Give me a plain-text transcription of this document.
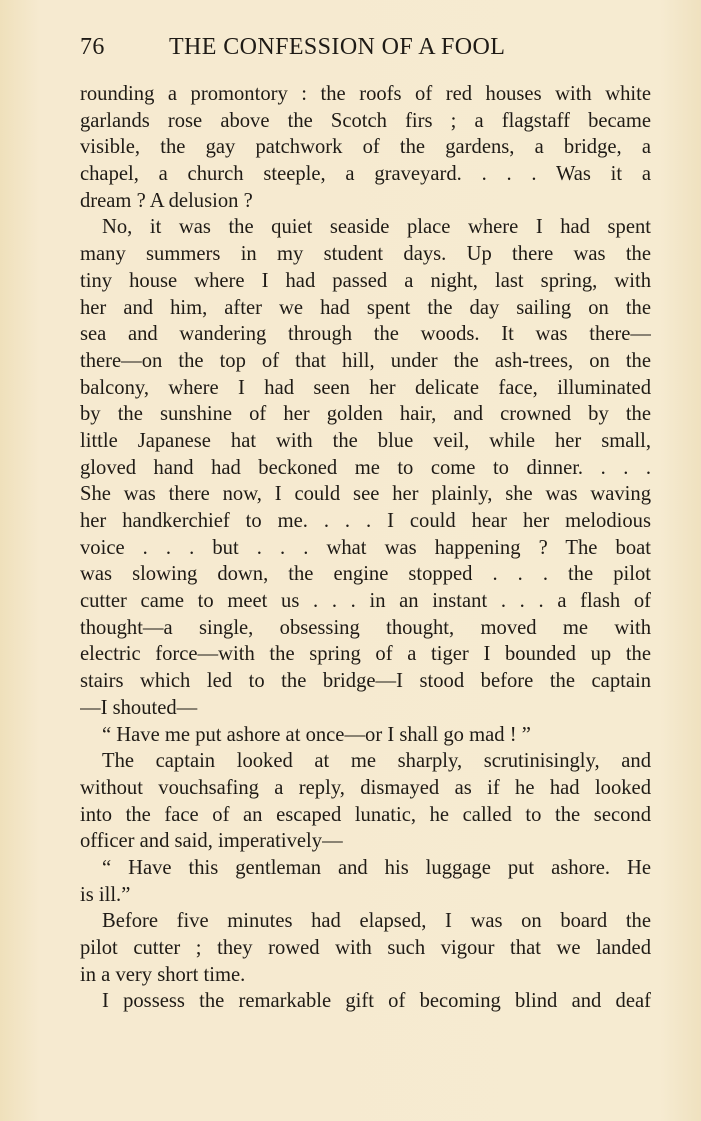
76	THE CONFESSION OF A FOOL
rounding a promontory : the roofs of red houses with white
garlands rose above the Scotch firs ; a flagstaff became
visible, the gay patchwork of the gardens, a bridge, a
chapel, a church steeple, a graveyard. . . . Was it a
dream ? A delusion ?
No, it was the quiet seaside place where I had spent
many summers in my student days. Up there was the
tiny house where I had passed a night, last spring, with
her and him, after we had spent the day sailing on the
sea and wandering through the woods. It was there—
there—on the top of that hill, under the ash-trees, on the
balcony, where I had seen her delicate face, illuminated
by the sunshine of her golden hair, and crowned by the
little Japanese hat with the blue veil, while her small,
gloved hand had beckoned me to come to dinner. . . .
She was there now, I could see her plainly, she was waving
her handkerchief to me. . . . I could hear her melodious
voice . . . but . . . what was happening ? The boat
was slowing down, the engine stopped . . . the pilot
cutter came to meet us . . . in an instant . . . a flash of
thought—a single, obsessing thought, moved me with
electric force—with the spring of a tiger I bounded up the
stairs which led to the bridge—I stood before the captain
—I shouted—
“ Have me put ashore at once—or I shall go mad ! ”
The captain looked at me sharply, scrutinisingly, and
without vouchsafing a reply, dismayed as if he had looked
into the face of an escaped lunatic, he called to the second
officer and said, imperatively—
“ Have this gentleman and his luggage put ashore. He
is ill.”
Before five minutes had elapsed, I was on board the
pilot cutter ; they rowed with such vigour that we landed
in a very short time.
I possess the remarkable gift of becoming blind and deaf
